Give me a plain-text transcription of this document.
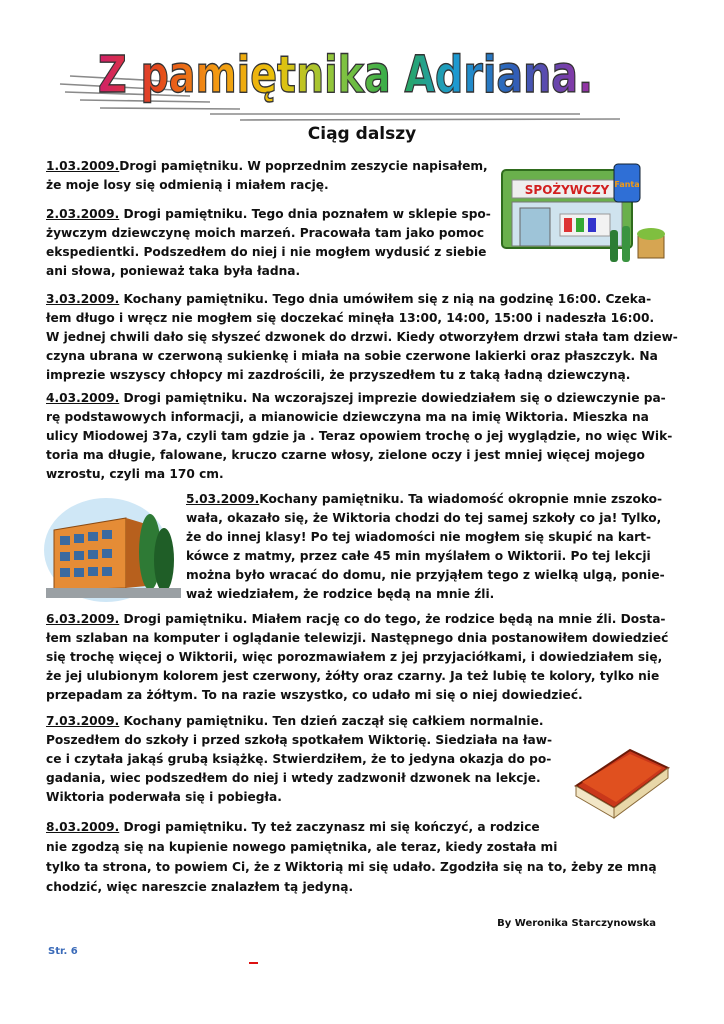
Z pamiętnika Adriana.
Ciąg dalszy
SPOŻYWCZY Fanta
1.03.2009.Drogi pamiętniku. W poprzednim zeszycie napisałem,
że moje losy się odmienią i miałem rację.
2.03.2009. Drogi pamiętniku. Tego dnia poznałem w sklepie spo-
żywczym dziewczynę moich marzeń. Pracowała tam jako pomoc
ekspedientki. Podszedłem do niej i nie mogłem wydusić z siebie
ani słowa, ponieważ taka była ładna.
3.03.2009. Kochany pamiętniku. Tego dnia umówiłem się z nią na godzinę 16:00. Czeka-
łem długo i wręcz nie mogłem się doczekać minęła 13:00, 14:00, 15:00 i nadeszła 16:00.
W jednej chwili dało się słyszeć dzwonek do drzwi. Kiedy otworzyłem drzwi stała tam dziew-
czyna ubrana w czerwoną sukienkę i miała na sobie czerwone lakierki oraz płaszczyk. Na
imprezie wszyscy chłopcy mi zazdrościli, że przyszedłem tu z taką ładną dziewczyną.
4.03.2009. Drogi pamiętniku. Na wczorajszej imprezie dowiedziałem się o dziewczynie pa-
rę podstawowych informacji, a mianowicie dziewczyna ma na imię Wiktoria. Mieszka na
ulicy Miodowej 37a, czyli tam gdzie ja . Teraz opowiem trochę o jej wyglądzie, no więc Wik-
toria ma długie, falowane, kruczo czarne włosy, zielone oczy i jest mniej więcej mojego
wzrostu, czyli ma 170 cm.
5.03.2009.Kochany pamiętniku. Ta wiadomość okropnie mnie zszoko-
wała, okazało się, że Wiktoria chodzi do tej samej szkoły co ja! Tylko,
że do innej klasy! Po tej wiadomości nie mogłem się skupić na kart-
kówce z matmy, przez całe 45 min myślałem o Wiktorii. Po tej lekcji
można było wracać do domu, nie przyjąłem tego z wielką ulgą, ponie-
waż wiedziałem, że rodzice będą na mnie źli.
6.03.2009. Drogi pamiętniku. Miałem rację co do tego, że rodzice będą na mnie źli. Dosta-
łem szlaban na komputer i oglądanie telewizji. Następnego dnia postanowiłem dowiedzieć
się trochę więcej o Wiktorii, więc porozmawiałem z jej przyjaciółkami, i dowiedziałem się,
że jej ulubionym kolorem jest czerwony, żółty oraz czarny. Ja też lubię te kolory, tylko nie
przepadam za żółtym. To na razie wszystko, co udało mi się o niej dowiedzieć.
7.03.2009. Kochany pamiętniku. Ten dzień zaczął się całkiem normalnie.
Poszedłem do szkoły i przed szkołą spotkałem Wiktorię. Siedziała na ław-
ce i czytała jakąś grubą książkę. Stwierdziłem, że to jedyna okazja do po-
gadania, wiec podszedłem do niej i wtedy zadzwonił dzwonek na lekcje.
Wiktoria poderwała się i pobiegła.
8.03.2009. Drogi pamiętniku. Ty też zaczynasz mi się kończyć, a rodzice
nie zgodzą się na kupienie nowego pamiętnika, ale teraz, kiedy została mi
tylko ta strona, to powiem Ci, że z Wiktorią mi się udało. Zgodziła się na to, żeby ze mną
chodzić, więc nareszcie znalazłem tą jedyną.
By Weronika Starczynowska
Str. 6
